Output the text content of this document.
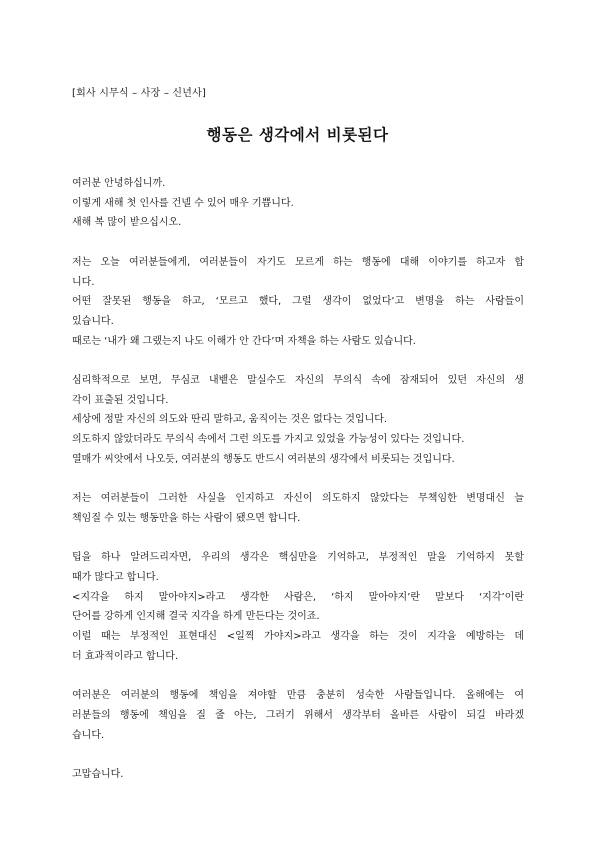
[회사 시무식 – 사장 – 신년사]
행동은 생각에서 비롯된다

여러분 안녕하십니까.
이렇게 새해 첫 인사를 건넬 수 있어 매우 기쁩니다.
새해 복 많이 받으십시오.

저는 오늘 여러분들에게, 여러분들이 자기도 모르게 하는 행동에 대해 이야기를 하고자 합
니다.
어떤 잘못된 행동을 하고, ‘모르고 했다, 그럴 생각이 없었다’고 변명을 하는 사람들이
있습니다.
때로는 ‘내가 왜 그랬는지 나도 이해가 안 간다’며 자책을 하는 사람도 있습니다.

심리학적으로 보면, 무심코 내뱉은 말실수도 자신의 무의식 속에 잠재되어 있던 자신의 생
각이 표출된 것입니다.
세상에 정말 자신의 의도와 딴리 말하고, 움직이는 것은 없다는 것입니다.
의도하지 않았더라도 무의식 속에서 그런 의도를 가지고 있었을 가능성이 있다는 것입니다.
열매가 씨앗에서 나오듯, 여러분의 행동도 반드시 여러분의 생각에서 비롯되는 것입니다.

저는 여러분들이 그러한 사실을 인지하고 자신이 의도하지 않았다는 무책임한 변명대신 늘
책임질 수 있는 행동만을 하는 사람이 됐으면 합니다.

팁을 하나 알려드리자면, 우리의 생각은 핵심만을 기억하고, 부정적인 말을 기억하지 못할
때가 많다고 합니다.
<지각을 하지 말아야지>라고 생각한 사람은, ‘하지 말아야지’란 말보다 ‘지각’이란
단어를 강하게 인지해 결국 지각을 하게 만든다는 것이죠.
이럴 때는 부정적인 표현대신 <일찍 가야지>라고 생각을 하는 것이 지각을 예방하는 데
더 효과적이라고 합니다.

여러분은 여러분의 행동에 책임을 져야할 만큼 충분히 성숙한 사람들입니다. 올해에는 여
러분들의 행동에 책임을 질 줄 아는, 그러기 위해서 생각부터 올바른 사람이 되길 바라겠
습니다.

고맙습니다.
